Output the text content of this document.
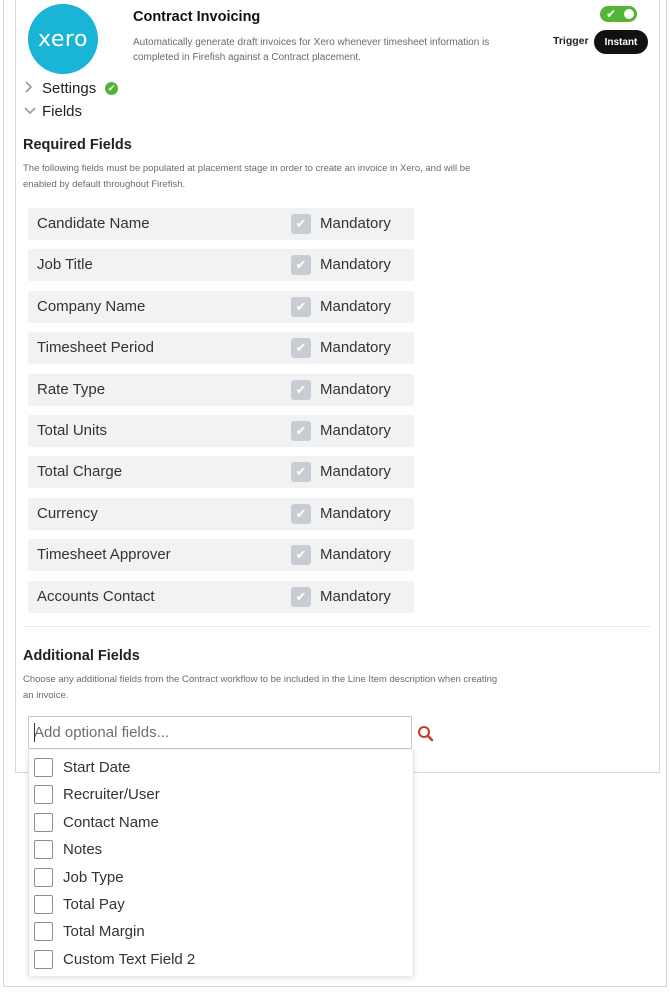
xero
Contract Invoicing
Automatically generate draft invoices for Xero whenever timesheet information is completed in Firefish against a Contract placement.
✔
Trigger	Instant
Settings	✔
Fields
Required Fields
The following fields must be populated at placement stage in order to create an invoice in Xero, and will be enabled by default throughout Firefish.
Candidate Name	✔ Mandatory
Job Title	✔ Mandatory
Company Name	✔ Mandatory
Timesheet Period	✔ Mandatory
Rate Type	✔ Mandatory
Total Units	✔ Mandatory
Total Charge	✔ Mandatory
Currency	✔ Mandatory
Timesheet Approver	✔ Mandatory
Accounts Contact	✔ Mandatory
Additional Fields
Choose any additional fields from the Contract workflow to be included in the Line Item description when creating an invoice.
Add optional fields...
Start Date
Recruiter/User
Contact Name
Notes
Job Type
Total Pay
Total Margin
Custom Text Field 2
